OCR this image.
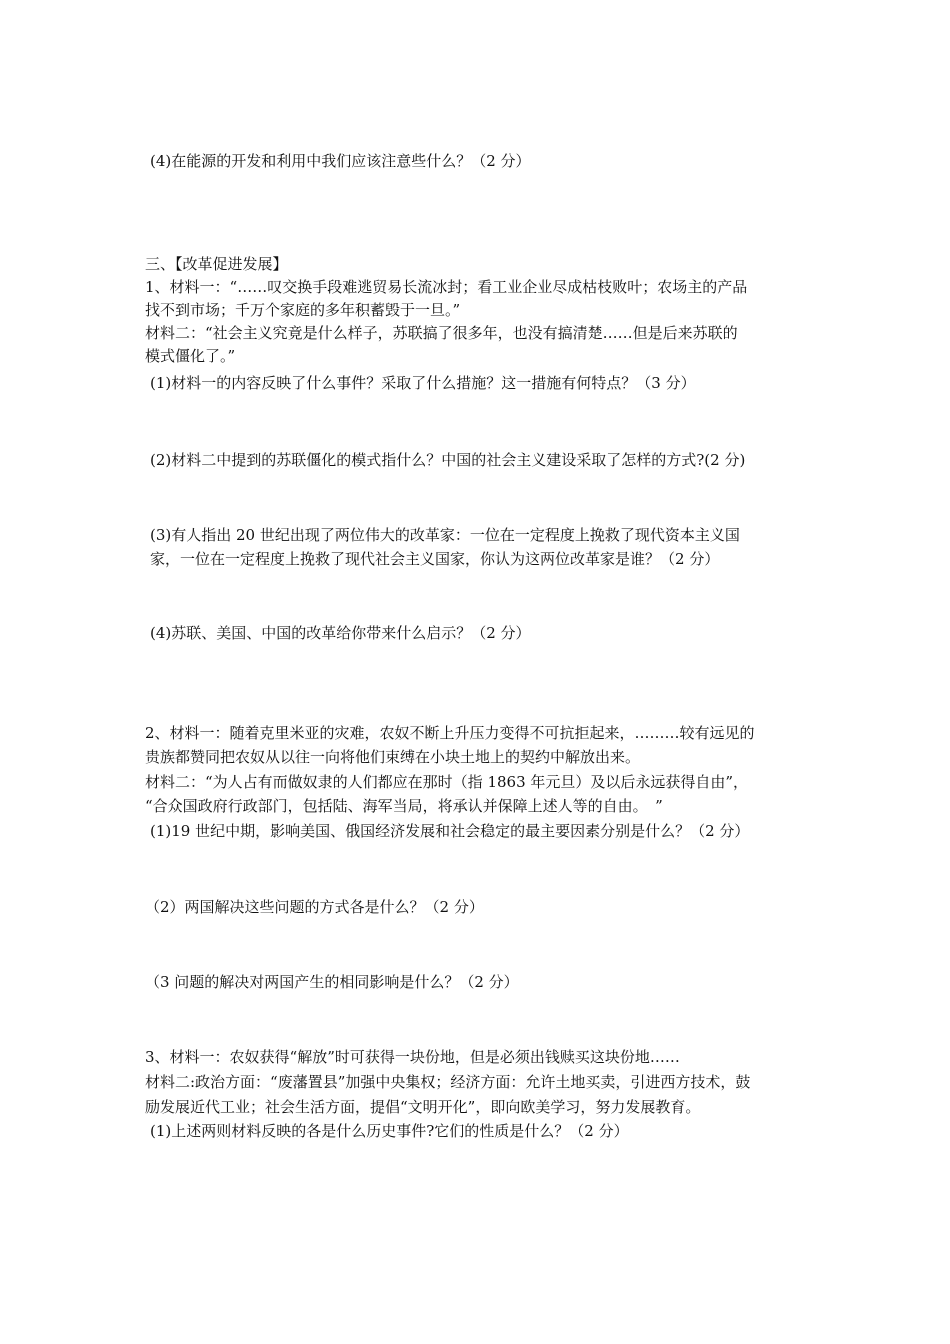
(4)在能源的开发和利用中我们应该注意些什么？（2 分）
三、【改革促进发展】
1、材料一：“……叹交换手段难逃贸易长流冰封；看工业企业尽成枯枝败叶；农场主的产品
找不到市场；千万个家庭的多年积蓄毁于一旦。”
材料二：“社会主义究竟是什么样子，苏联搞了很多年，也没有搞清楚……但是后来苏联的
模式僵化了。”
(1)材料一的内容反映了什么事件？采取了什么措施？这一措施有何特点？（3 分）
(2)材料二中提到的苏联僵化的模式指什么？中国的社会主义建设采取了怎样的方式?(2 分)
(3)有人指出 20 世纪出现了两位伟大的改革家：一位在一定程度上挽救了现代资本主义国
家，一位在一定程度上挽救了现代社会主义国家，你认为这两位改革家是谁？（2 分）
(4)苏联、美国、中国的改革给你带来什么启示？（2 分）
2、材料一：随着克里米亚的灾难，农奴不断上升压力变得不可抗拒起来，………较有远见的
贵族都赞同把农奴从以往一向将他们束缚在小块土地上的契约中解放出来。
材料二：“为人占有而做奴隶的人们都应在那时（指 1863 年元旦）及以后永远获得自由”，
“合众国政府行政部门，包括陆、海军当局，将承认并保障上述人等的自由。　”
(1)19 世纪中期，影响美国、俄国经济发展和社会稳定的最主要因素分别是什么？（2 分）
（2）两国解决这些问题的方式各是什么？（2 分）
（3 问题的解决对两国产生的相同影响是什么？（2 分）
3、材料一：农奴获得“解放”时可获得一块份地，但是必须出钱赎买这块份地……
材料二:政治方面：“废藩置县”加强中央集权；经济方面：允许土地买卖，引进西方技术，鼓
励发展近代工业；社会生活方面，提倡“文明开化”，即向欧美学习，努力发展教育。
(1)上述两则材料反映的各是什么历史事件?它们的性质是什么？（2 分）
